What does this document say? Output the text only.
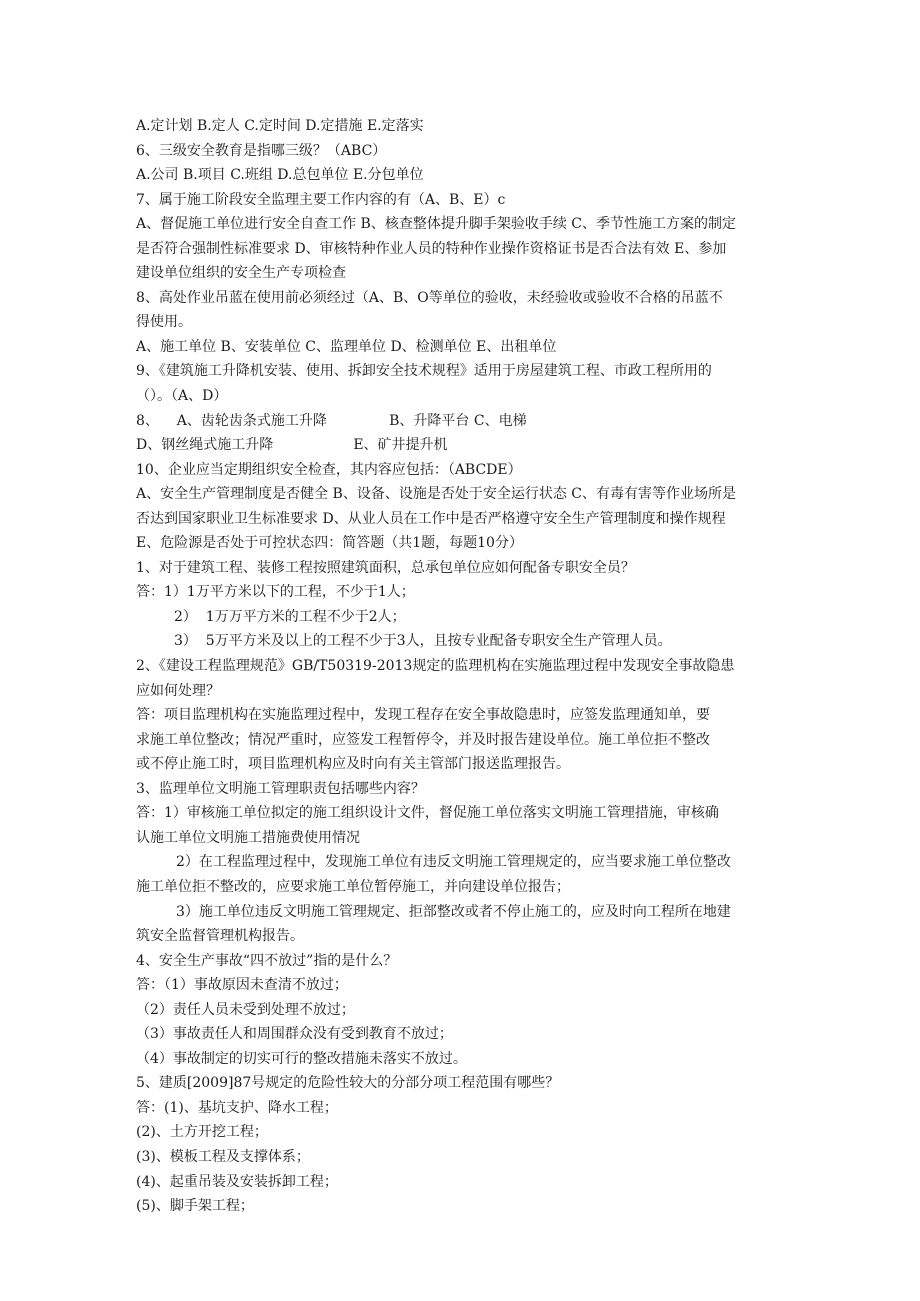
A.定计划 B.定人 C.定时间 D.定措施 E.定落实
6、三级安全教育是指哪三级？（ABC）
A.公司 B.项目 C.班组 D.总包单位 E.分包单位
7、属于施工阶段安全监理主要工作内容的有（A、B、E）c
A、督促施工单位进行安全自查工作 B、核查整体提升脚手架验收手续 C、季节性施工方案的制定
是否符合强制性标准要求 D、审核特种作业人员的特种作业操作资格证书是否合法有效 E、参加
建设单位组织的安全生产专项检查
8、高处作业吊蓝在使用前必须经过（A、B、O等单位的验收，未经验收或验收不合格的吊蓝不
得使用。
A、施工单位 B、安装单位 C、监理单位 D、检测单位 E、出租单位
9、《建筑施工升降机安装、使用、拆卸安全技术规程》适用于房屋建筑工程、市政工程所用的
（）。（A、D）
8、    A、齿轮齿条式施工升降              B、升降平台 C、电梯
D、钢丝绳式施工升降                  E、矿井提升机
10、企业应当定期组织安全检查，其内容应包括：（ABCDE）
A、安全生产管理制度是否健全 B、设备、设施是否处于安全运行状态 C、有毒有害等作业场所是
否达到国家职业卫生标准要求 D、从业人员在工作中是否严格遵守安全生产管理制度和操作规程
E、危险源是否处于可控状态四：简答题（共1题，每题10分）
1、对于建筑工程、装修工程按照建筑面积，总承包单位应如何配备专职安全员？
答：1）1万平方米以下的工程，不少于1人；
2）  1万万平方米的工程不少于2人；
3）  5万平方米及以上的工程不少于3人，且按专业配备专职安全生产管理人员。
2、《建设工程监理规范》GB/T50319-2013规定的监理机构在实施监理过程中发现安全事故隐患
应如何处理？
答：项目监理机构在实施监理过程中，发现工程存在安全事故隐患时，应签发监理通知单，要
求施工单位整改；情况严重时，应签发工程暂停令，并及时报告建设单位。施工单位拒不整改
或不停止施工时，项目监理机构应及时向有关主管部门报送监理报告。
3、监理单位文明施工管理职责包括哪些内容？
答：1）审核施工单位拟定的施工组织设计文件，督促施工单位落实文明施工管理措施，审核确
认施工单位文明施工措施费使用情况
2）在工程监理过程中，发现施工单位有违反文明施工管理规定的，应当要求施工单位整改
施工单位拒不整改的，应要求施工单位暂停施工，并向建设单位报告；
3）施工单位违反文明施工管理规定、拒部整改或者不停止施工的，应及时向工程所在地建
筑安全监督管理机构报告。
4、安全生产事故“四不放过”指的是什么？
答：（1）事故原因未查清不放过；
（2）责任人员未受到处理不放过；
（3）事故责任人和周围群众没有受到教育不放过；
（4）事故制定的切实可行的整改措施未落实不放过。
5、建质[2009]87号规定的危险性较大的分部分项工程范围有哪些？
答：(1)、基坑支护、降水工程；
(2)、土方开挖工程；
(3)、模板工程及支撑体系；
(4)、起重吊装及安装拆卸工程；
(5)、脚手架工程；
